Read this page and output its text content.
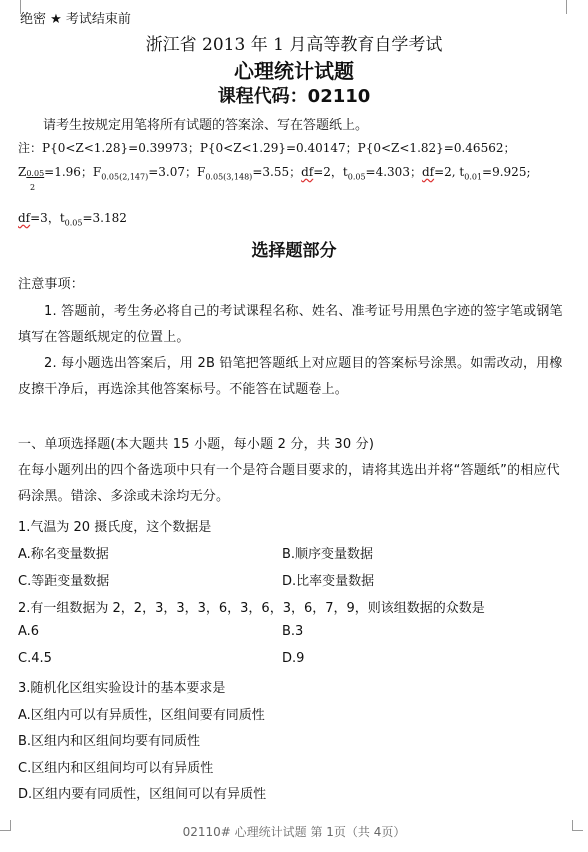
绝密 ★ 考试结束前
浙江省 2013 年 1 月高等教育自学考试
心理统计试题
课程代码：02110
请考生按规定用笔将所有试题的答案涂、写在答题纸上。
注：P{0<Z<1.28}=0.39973；P{0<Z<1.29}=0.40147；P{0<Z<1.82}=0.46562；
Z0.05
2
=1.96；$F_{0.05(2,147)}=3.07$；$F_{0.05(3,148)}=3.55$；df=2，$t_{0.05}=4.303$；df=2, $t_{0.01}=9.925$;
df=3，$t_{0.05}=3.182$
选择题部分
注意事项：
1. 答题前，考生务必将自己的考试课程名称、姓名、准考证号用黑色字迹的签字笔或钢笔填写在答题纸规定的位置上。
2. 每小题选出答案后，用 2B 铅笔把答题纸上对应题目的答案标号涂黑。如需改动，用橡皮擦干净后，再选涂其他答案标号。不能答在试题卷上。
一、单项选择题(本大题共 15 小题，每小题 2 分，共 30 分)
在每小题列出的四个备选项中只有一个是符合题目要求的，请将其选出并将“答题纸”的相应代码涂黑。错涂、多涂或未涂均无分。
1.气温为 20 摄氏度，这个数据是
A.称名变量数据	B.顺序变量数据
C.等距变量数据	D.比率变量数据
2.有一组数据为 2，2，3，3，3，6，3，6，3，6，7，9，则该组数据的众数是
A.6	B.3
C.4.5	D.9
3.随机化区组实验设计的基本要求是
A.区组内可以有异质性，区组间要有同质性
B.区组内和区组间均要有同质性
C.区组内和区组间均可以有异质性
D.区组内要有同质性，区组间可以有异质性
02110# 心理统计试题 第 1页（共 4页）
